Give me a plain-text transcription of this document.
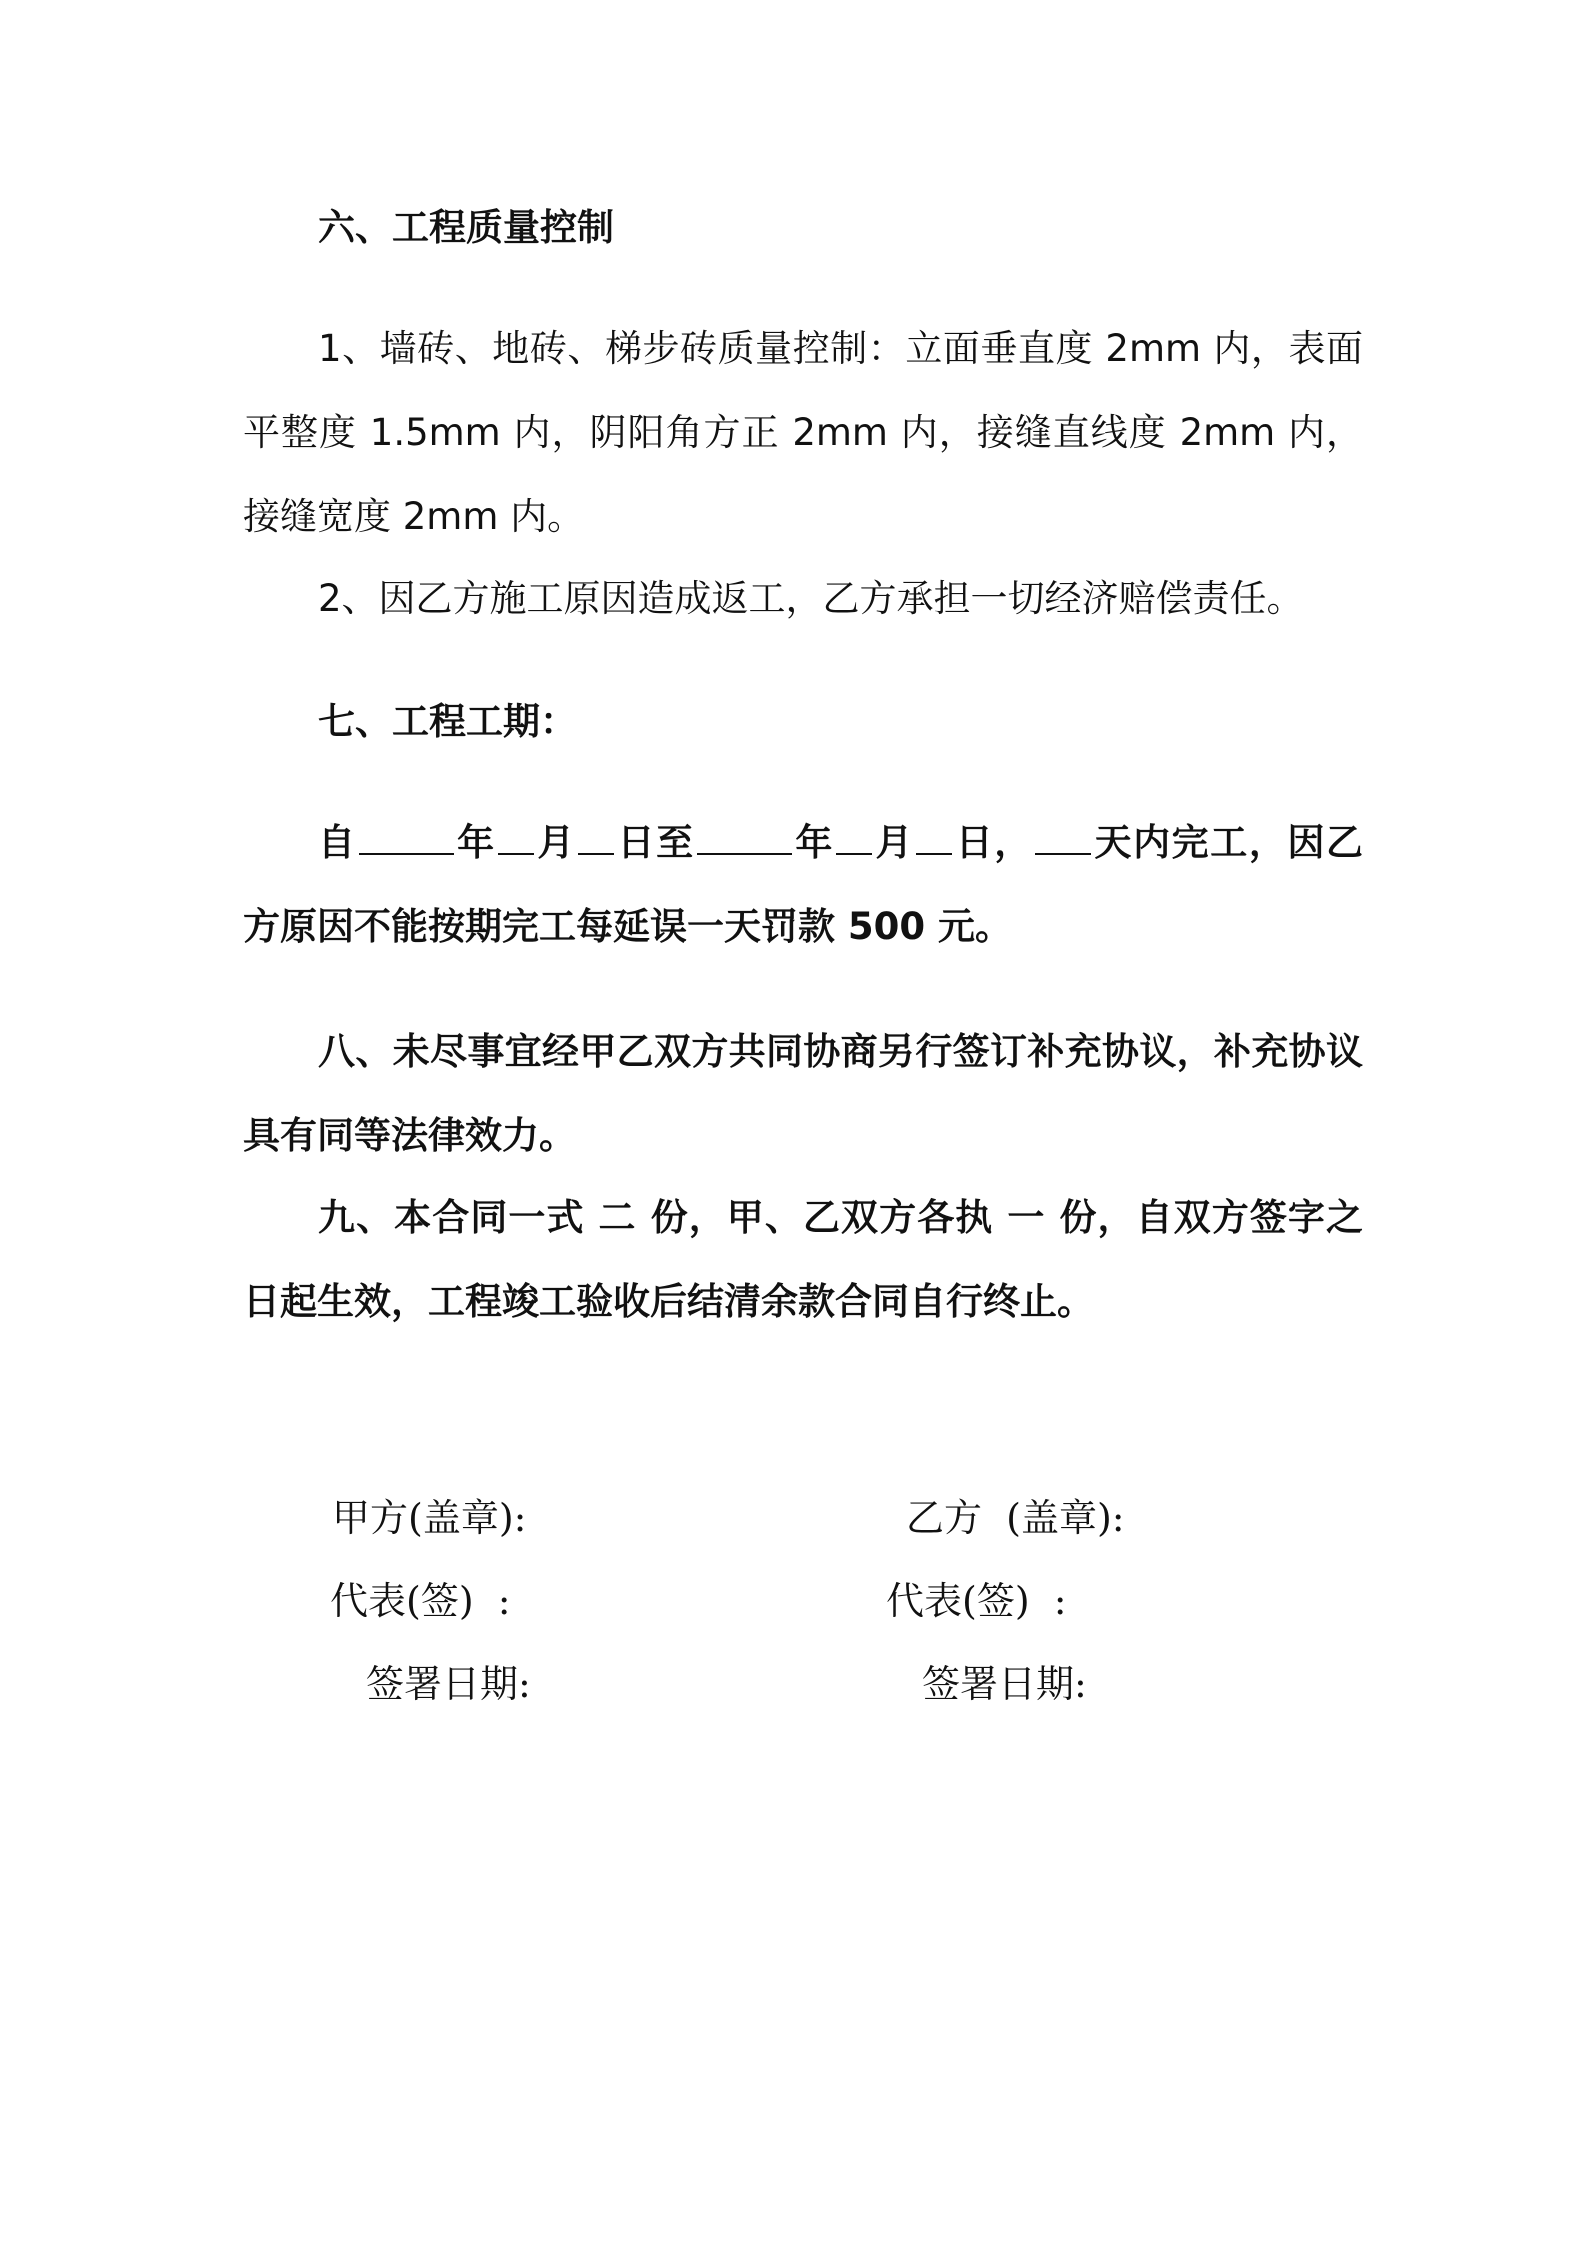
六、工程质量控制
1、墙砖、地砖、梯步砖质量控制：立面垂直度 2mm 内，表面平整度 1.5mm 内，阴阳角方正 2mm 内，接缝直线度 2mm 内，接缝宽度 2mm 内。
2、因乙方施工原因造成返工，乙方承担一切经济赔偿责任。
七、工程工期：
自	年 月 日至	年 月 日， 天内完工，因乙方原因不能按期完工每延误一天罚款 500 元。
八、未尽事宜经甲乙双方共同协商另行签订补充协议，补充协议具有同等法律效力。
九、本合同一式 二 份，甲、乙双方各执 一 份，自双方签字之日起生效，工程竣工验收后结清余款合同自行终止。
甲方(盖章):	乙方  (盖章):
代表(签)  :	代表(签)  :
签署日期:	签署日期:
